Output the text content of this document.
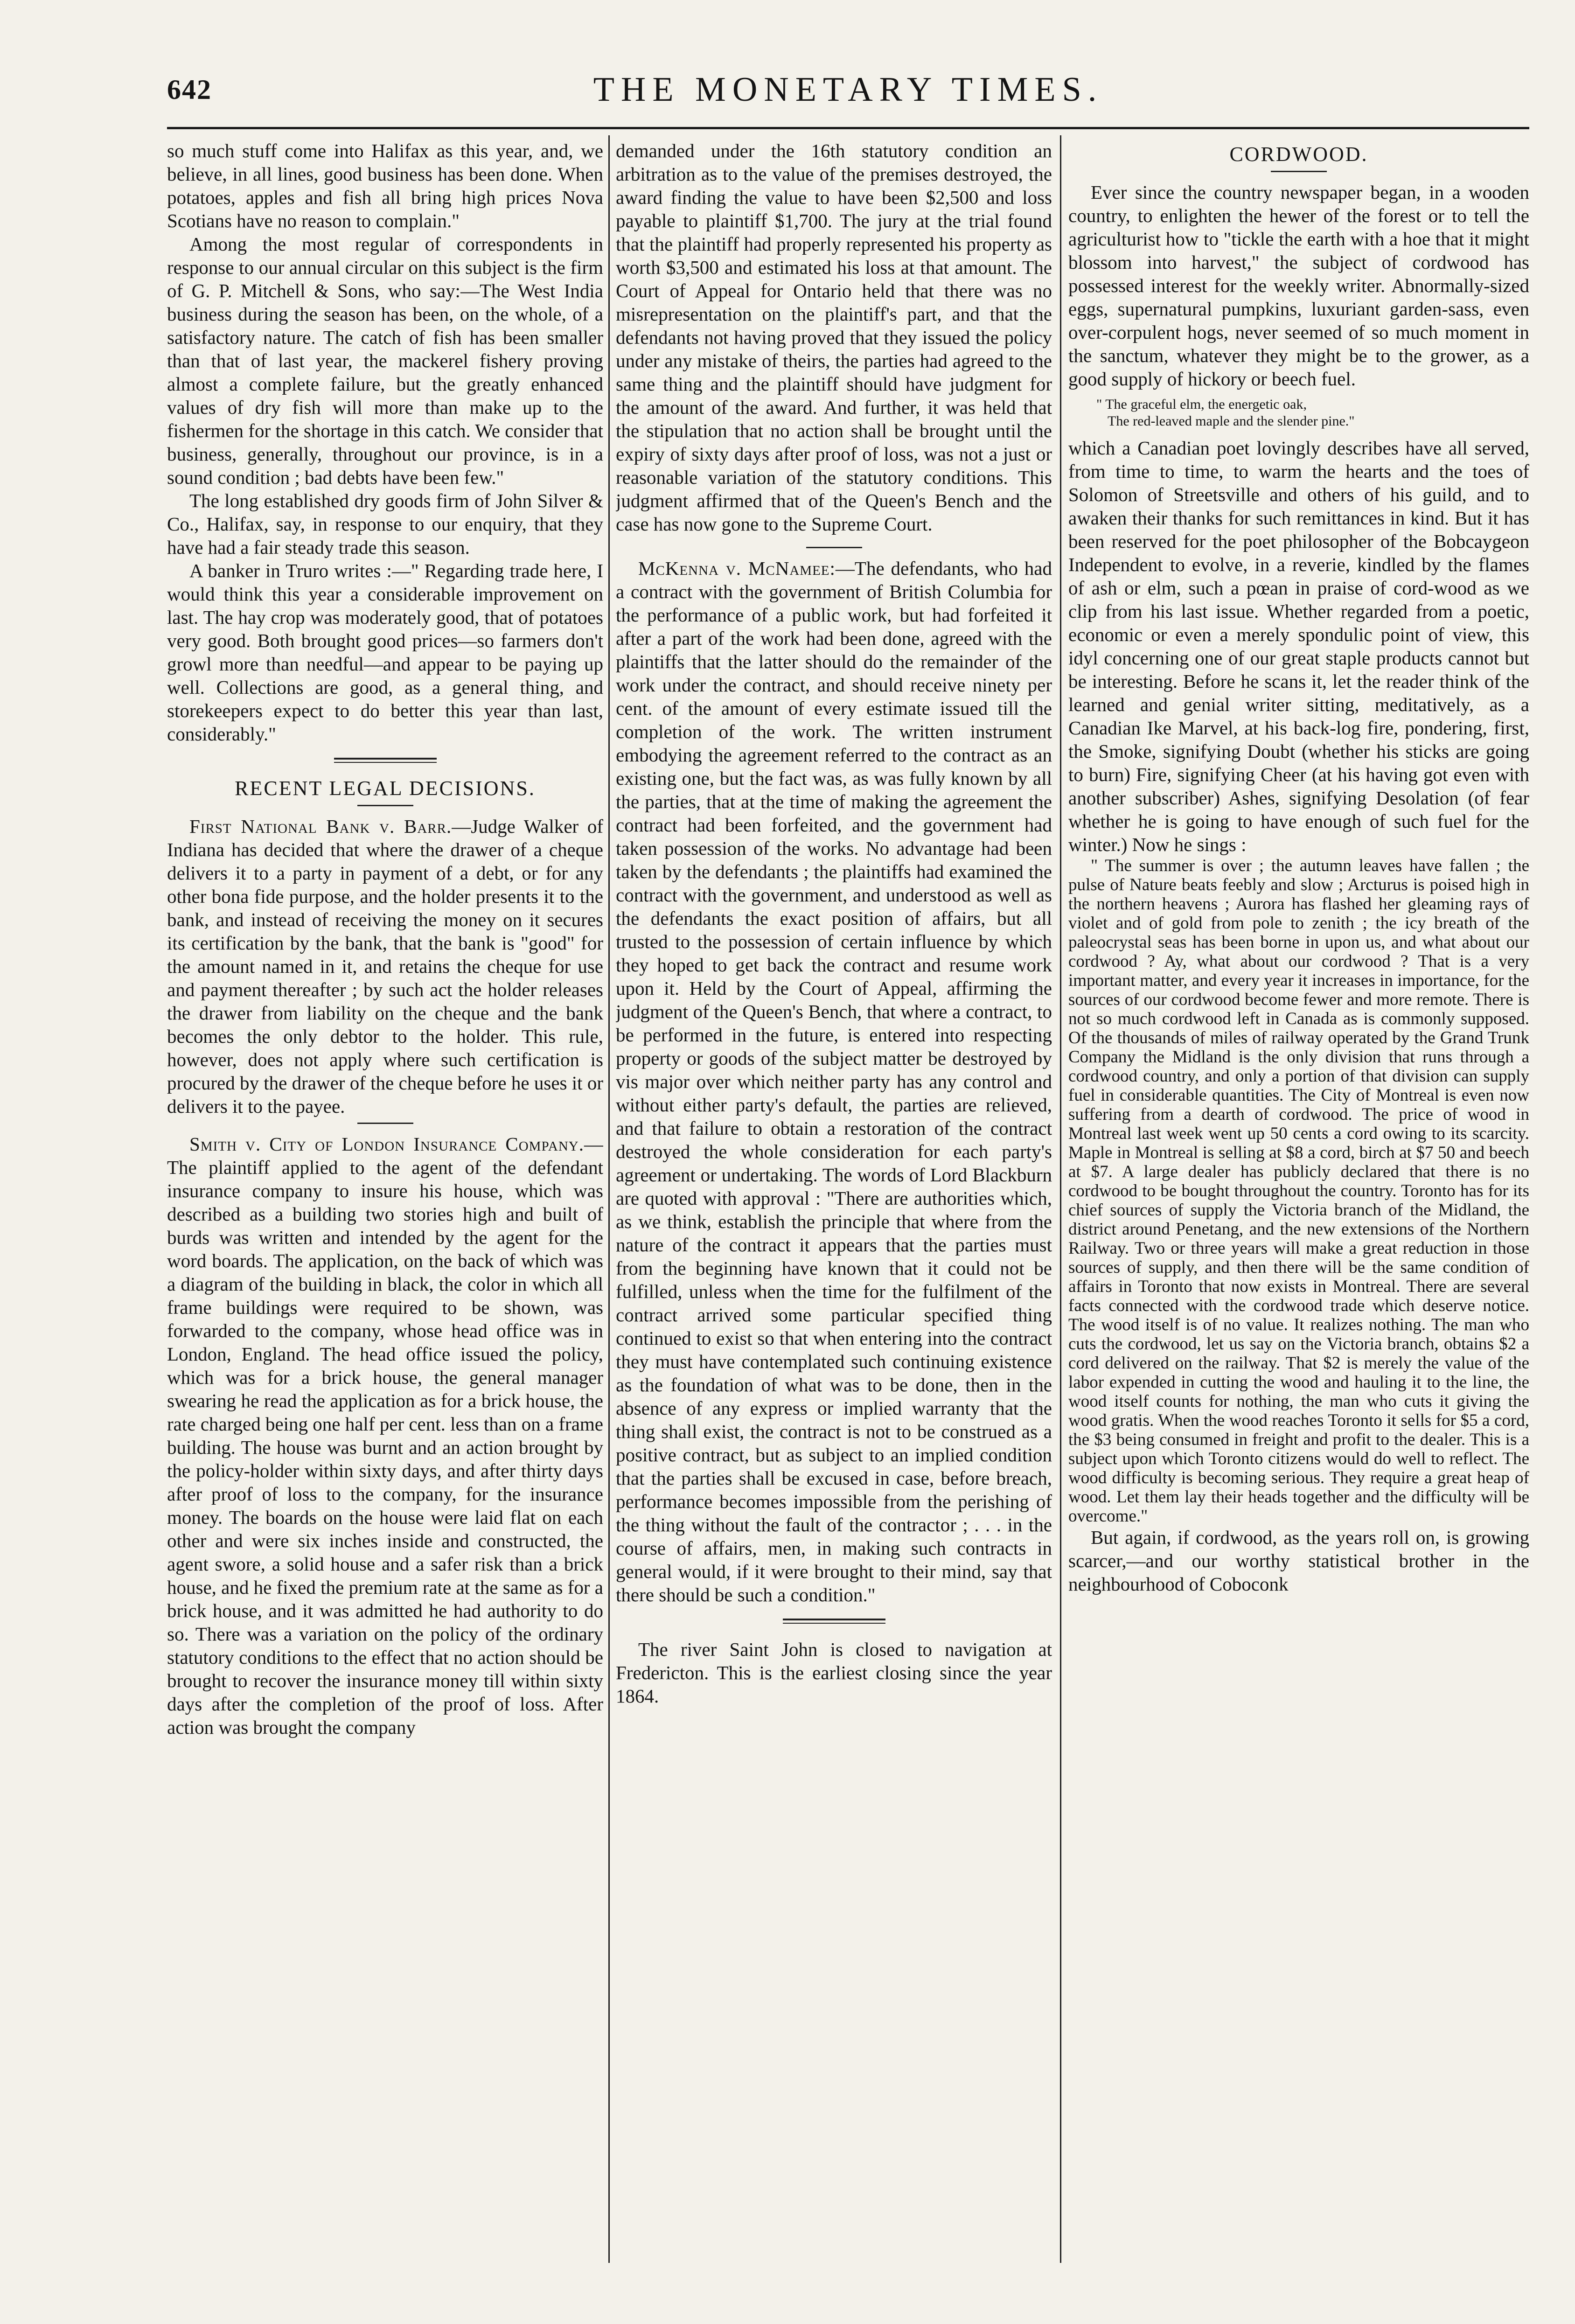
642	THE MONETARY TIMES.

so much stuff come into Halifax as this year, and, we believe, in all lines, good business has been done. When potatoes, apples and fish all bring high prices Nova Scotians have no reason to complain."

Among the most regular of correspondents in response to our annual circular on this subject is the firm of G. P. Mitchell & Sons, who say:—The West India business during the season has been, on the whole, of a satisfactory nature. The catch of fish has been smaller than that of last year, the mackerel fishery proving almost a complete failure, but the greatly enhanced values of dry fish will more than make up to the fishermen for the shortage in this catch. We consider that business, generally, throughout our province, is in a sound condition ; bad debts have been few."

The long established dry goods firm of John Silver & Co., Halifax, say, in response to our enquiry, that they have had a fair steady trade this season.

A banker in Truro writes :—" Regarding trade here, I would think this year a considerable improvement on last. The hay crop was moderately good, that of potatoes very good. Both brought good prices—so farmers don't growl more than needful—and appear to be paying up well. Collections are good, as a general thing, and storekeepers expect to do better this year than last, considerably."

RECENT LEGAL DECISIONS.

First National Bank v. Barr.—Judge Walker of Indiana has decided that where the drawer of a cheque delivers it to a party in payment of a debt, or for any other bona fide purpose, and the holder presents it to the bank, and instead of receiving the money on it secures its certification by the bank, that the bank is "good" for the amount named in it, and retains the cheque for use and payment thereafter ; by such act the holder releases the drawer from liability on the cheque and the bank becomes the only debtor to the holder. This rule, however, does not apply where such certification is procured by the drawer of the cheque before he uses it or delivers it to the payee.

Smith v. City of London Insurance Company.—The plaintiff applied to the agent of the defendant insurance company to insure his house, which was described as a building two stories high and built of burds was written and intended by the agent for the word boards. The application, on the back of which was a diagram of the building in black, the color in which all frame buildings were required to be shown, was forwarded to the company, whose head office was in London, England. The head office issued the policy, which was for a brick house, the general manager swearing he read the application as for a brick house, the rate charged being one half per cent. less than on a frame building. The house was burnt and an action brought by the policy-holder within sixty days, and after thirty days after proof of loss to the company, for the insurance money. The boards on the house were laid flat on each other and were six inches inside and constructed, the agent swore, a solid house and a safer risk than a brick house, and he fixed the premium rate at the same as for a brick house, and it was admitted he had authority to do so. There was a variation on the policy of the ordinary statutory conditions to the effect that no action should be brought to recover the insurance money till within sixty days after the completion of the proof of loss. After action was brought the company

demanded under the 16th statutory condition an arbitration as to the value of the premises destroyed, the award finding the value to have been $2,500 and loss payable to plaintiff $1,700. The jury at the trial found that the plaintiff had properly represented his property as worth $3,500 and estimated his loss at that amount. The Court of Appeal for Ontario held that there was no misrepresentation on the plaintiff's part, and that the defendants not having proved that they issued the policy under any mistake of theirs, the parties had agreed to the same thing and the plaintiff should have judgment for the amount of the award. And further, it was held that the stipulation that no action shall be brought until the expiry of sixty days after proof of loss, was not a just or reasonable variation of the statutory conditions. This judgment affirmed that of the Queen's Bench and the case has now gone to the Supreme Court.

McKenna v. McNamee:—The defendants, who had a contract with the government of British Columbia for the performance of a public work, but had forfeited it after a part of the work had been done, agreed with the plaintiffs that the latter should do the remainder of the work under the contract, and should receive ninety per cent. of the amount of every estimate issued till the completion of the work. The written instrument embodying the agreement referred to the contract as an existing one, but the fact was, as was fully known by all the parties, that at the time of making the agreement the contract had been forfeited, and the government had taken possession of the works. No advantage had been taken by the defendants ; the plaintiffs had examined the contract with the government, and understood as well as the defendants the exact position of affairs, but all trusted to the possession of certain influence by which they hoped to get back the contract and resume work upon it. Held by the Court of Appeal, affirming the judgment of the Queen's Bench, that where a contract, to be performed in the future, is entered into respecting property or goods of the subject matter be destroyed by vis major over which neither party has any control and without either party's default, the parties are relieved, and that failure to obtain a restoration of the contract destroyed the whole consideration for each party's agreement or undertaking. The words of Lord Blackburn are quoted with approval : "There are authorities which, as we think, establish the principle that where from the nature of the contract it appears that the parties must from the beginning have known that it could not be fulfilled, unless when the time for the fulfilment of the contract arrived some particular specified thing continued to exist so that when entering into the contract they must have contemplated such continuing existence as the foundation of what was to be done, then in the absence of any express or implied warranty that the thing shall exist, the contract is not to be construed as a positive contract, but as subject to an implied condition that the parties shall be excused in case, before breach, performance becomes impossible from the perishing of the thing without the fault of the contractor ; . . . in the course of affairs, men, in making such contracts in general would, if it were brought to their mind, say that there should be such a condition."

The river Saint John is closed to navigation at Fredericton. This is the earliest closing since the year 1864.

CORDWOOD.

Ever since the country newspaper began, in a wooden country, to enlighten the hewer of the forest or to tell the agriculturist how to "tickle the earth with a hoe that it might blossom into harvest," the subject of cordwood has possessed interest for the weekly writer. Abnormally-sized eggs, supernatural pumpkins, luxuriant garden-sass, even over-corpulent hogs, never seemed of so much moment in the sanctum, whatever they might be to the grower, as a good supply of hickory or beech fuel.

" The graceful elm, the energetic oak,
The red-leaved maple and the slender pine."

which a Canadian poet lovingly describes have all served, from time to time, to warm the hearts and the toes of Solomon of Streetsville and others of his guild, and to awaken their thanks for such remittances in kind. But it has been reserved for the poet philosopher of the Bobcaygeon Independent to evolve, in a reverie, kindled by the flames of ash or elm, such a pœan in praise of cord-wood as we clip from his last issue. Whether regarded from a poetic, economic or even a merely spondulic point of view, this idyl concerning one of our great staple products cannot but be interesting. Before he scans it, let the reader think of the learned and genial writer sitting, meditatively, as a Canadian Ike Marvel, at his back-log fire, pondering, first, the Smoke, signifying Doubt (whether his sticks are going to burn) Fire, signifying Cheer (at his having got even with another subscriber) Ashes, signifying Desolation (of fear whether he is going to have enough of such fuel for the winter.) Now he sings :

" The summer is over ; the autumn leaves have fallen ; the pulse of Nature beats feebly and slow ; Arcturus is poised high in the northern heavens ; Aurora has flashed her gleaming rays of violet and of gold from pole to zenith ; the icy breath of the paleocrystal seas has been borne in upon us, and what about our cordwood ? Ay, what about our cordwood ? That is a very important matter, and every year it increases in importance, for the sources of our cordwood become fewer and more remote. There is not so much cordwood left in Canada as is commonly supposed. Of the thousands of miles of railway operated by the Grand Trunk Company the Midland is the only division that runs through a cordwood country, and only a portion of that division can supply fuel in considerable quantities. The City of Montreal is even now suffering from a dearth of cordwood. The price of wood in Montreal last week went up 50 cents a cord owing to its scarcity. Maple in Montreal is selling at $8 a cord, birch at $7 50 and beech at $7. A large dealer has publicly declared that there is no cordwood to be bought throughout the country. Toronto has for its chief sources of supply the Victoria branch of the Midland, the district around Penetang, and the new extensions of the Northern Railway. Two or three years will make a great reduction in those sources of supply, and then there will be the same condition of affairs in Toronto that now exists in Montreal. There are several facts connected with the cordwood trade which deserve notice. The wood itself is of no value. It realizes nothing. The man who cuts the cordwood, let us say on the Victoria branch, obtains $2 a cord delivered on the railway. That $2 is merely the value of the labor expended in cutting the wood and hauling it to the line, the wood itself counts for nothing, the man who cuts it giving the wood gratis. When the wood reaches Toronto it sells for $5 a cord, the $3 being consumed in freight and profit to the dealer. This is a subject upon which Toronto citizens would do well to reflect. The wood difficulty is becoming serious. They require a great heap of wood. Let them lay their heads together and the difficulty will be overcome."

But again, if cordwood, as the years roll on, is growing scarcer,—and our worthy statistical brother in the neighbourhood of Coboconk
